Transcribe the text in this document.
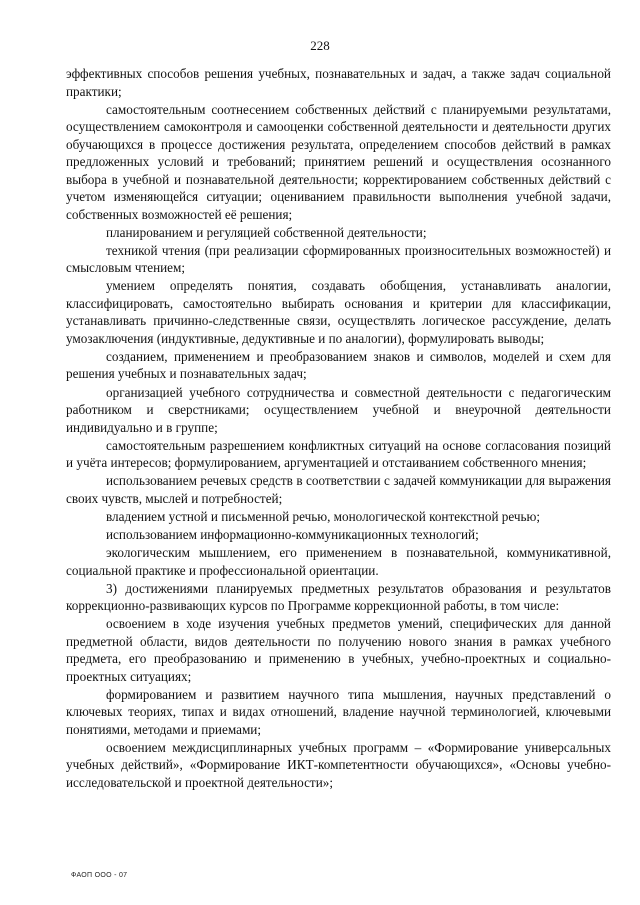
228

эффективных способов решения учебных, познавательных и задач, а также задач социальной практики;

самостоятельным соотнесением собственных действий с планируемыми результатами, осуществлением самоконтроля и самооценки собственной деятельности и деятельности других обучающихся в процессе достижения результата, определением способов действий в рамках предложенных условий и требований; принятием решений и осуществления осознанного выбора в учебной и познавательной деятельности; корректированием собственных действий с учетом изменяющейся ситуации; оцениванием правильности выполнения учебной задачи, собственных возможностей её решения;

планированием и регуляцией собственной деятельности;

техникой чтения (при реализации сформированных произносительных возможностей) и смысловым чтением;

умением определять понятия, создавать обобщения, устанавливать аналогии, классифицировать, самостоятельно выбирать основания и критерии для классификации, устанавливать причинно-следственные связи, осуществлять логическое рассуждение, делать умозаключения (индуктивные, дедуктивные и по аналогии), формулировать выводы;

созданием, применением и преобразованием знаков и символов, моделей и схем для решения учебных и познавательных задач;

организацией учебного сотрудничества и совместной деятельности с педагогическим работником и сверстниками; осуществлением учебной и внеурочной деятельности индивидуально и в группе;

самостоятельным разрешением конфликтных ситуаций на основе согласования позиций и учёта интересов; формулированием, аргументацией и отстаиванием собственного мнения;

использованием речевых средств в соответствии с задачей коммуникации для выражения своих чувств, мыслей и потребностей;

владением устной и письменной речью, монологической контекстной речью;

использованием информационно-коммуникационных технологий;

экологическим мышлением, его применением в познавательной, коммуникативной, социальной практике и профессиональной ориентации.

3) достижениями планируемых предметных результатов образования и результатов коррекционно-развивающих курсов по Программе коррекционной работы, в том числе:

освоением в ходе изучения учебных предметов умений, специфических для данной предметной области, видов деятельности по получению нового знания в рамках учебного предмета, его преобразованию и применению в учебных, учебно-проектных и социально-проектных ситуациях;

формированием и развитием научного типа мышления, научных представлений о ключевых теориях, типах и видах отношений, владение научной терминологией, ключевыми понятиями, методами и приемами;

освоением междисциплинарных учебных программ – «Формирование универсальных учебных действий», «Формирование ИКТ-компетентности обучающихся», «Основы учебно-исследовательской и проектной деятельности»;

ФАОП ООО - 07
